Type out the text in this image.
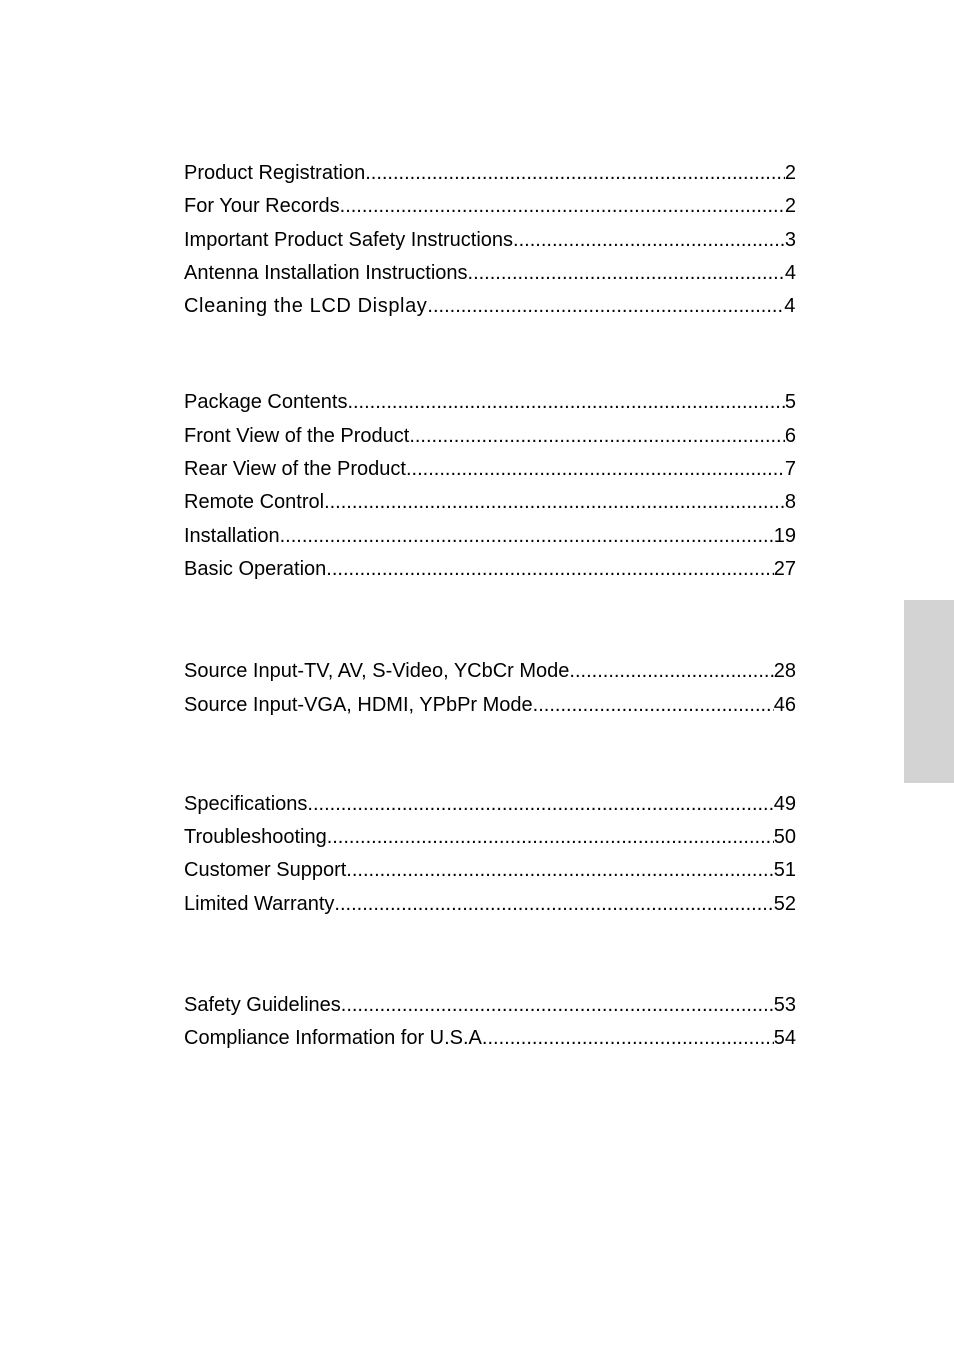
Product Registration .....	2
For Your Records .....	2
Important Product Safety Instructions .....	3
Antenna Installation Instructions .....	4
Cleaning the LCD Display .....	4
Package Contents .....	5
Front View of the Product .....	6
Rear View of the Product .....	7
Remote Control .....	8
Installation .....	19
Basic Operation .....	27
Source Input-TV, AV, S-Video, YCbCr Mode .....	28
Source Input-VGA, HDMI, YPbPr Mode .....	46
Specifications .....	49
Troubleshooting .....	50
Customer Support .....	51
Limited Warranty .....	52
Safety Guidelines .....	53
Compliance Information for U.S.A. .....	54
